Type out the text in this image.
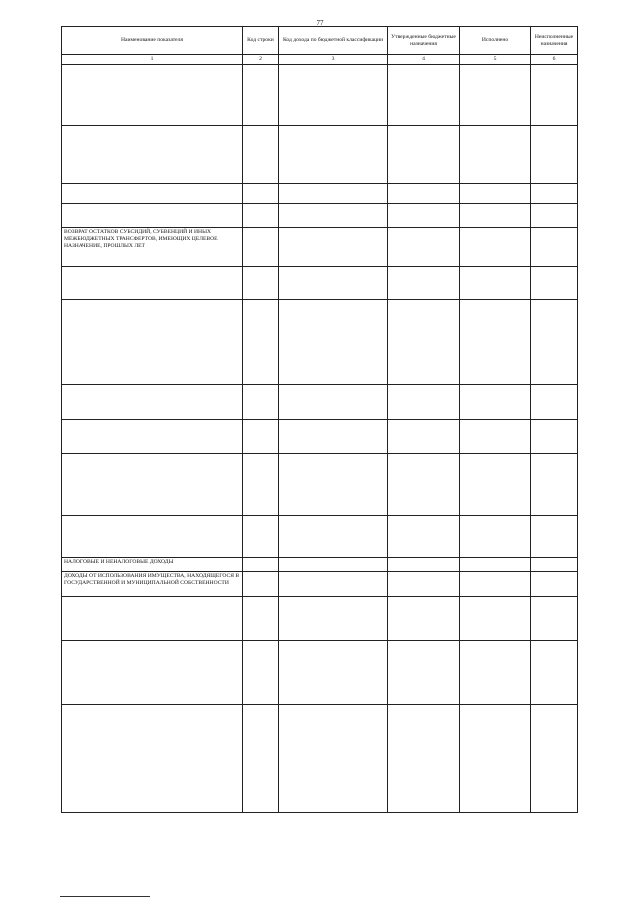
77
Наименование показателя	Код строки	Код дохода по бюджетной классификации	Утвержденные бюджетные назначения	Исполнено	Неисполненные назначения
1	2	3	4	5	6

ВОЗВРАТ ОСТАТКОВ СУБСИДИЙ, СУБВЕНЦИЙ И ИНЫХ МЕЖБЮДЖЕТНЫХ ТРАНСФЕРТОВ, ИМЕЮЩИХ ЦЕЛЕВОЕ НАЗНАЧЕНИЕ, ПРОШЛЫХ ЛЕТ					

НАЛОГОВЫЕ И НЕНАЛОГОВЫЕ ДОХОДЫ					
ДОХОДЫ ОТ ИСПОЛЬЗОВАНИЯ ИМУЩЕСТВА, НАХОДЯЩЕГОСЯ В ГОСУДАРСТВЕННОЙ И МУНИЦИПАЛЬНОЙ СОБСТВЕННОСТИ					
